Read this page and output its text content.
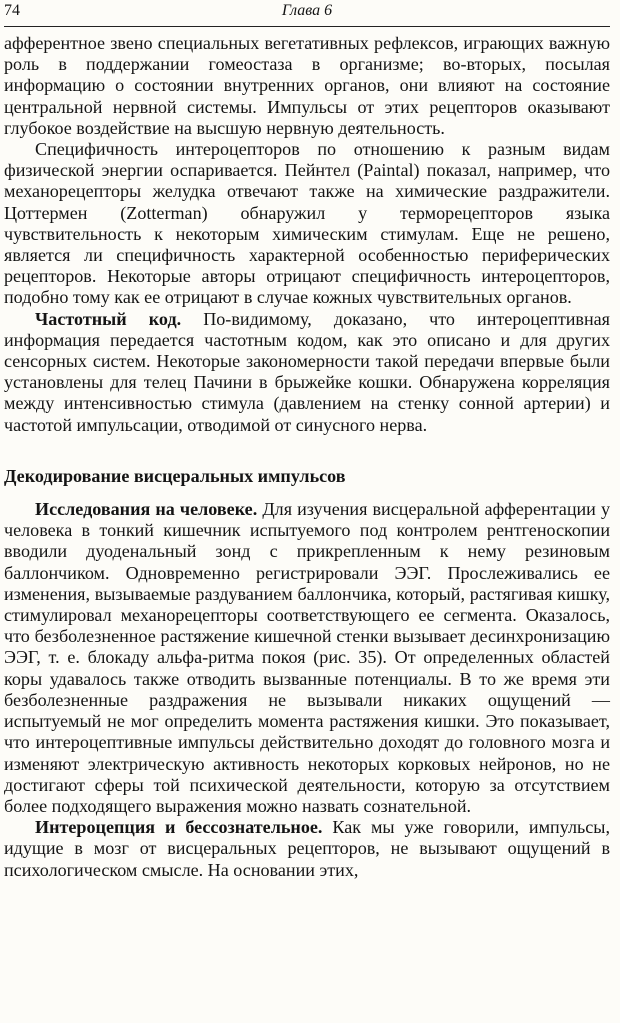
74	Глава 6

афферентное звено специальных вегетативных рефлексов, играющих важную роль в поддержании гомеостаза в организме; во-вторых, посылая информацию о состоянии внутренних органов, они влияют на состояние центральной нервной системы. Импульсы от этих рецепторов оказывают глубокое воздействие на высшую нервную деятельность.

Специфичность интероцепторов по отношению к разным видам физической энергии оспаривается. Пейнтел (Paintal) показал, например, что механорецепторы желудка отвечают также на химические раздражители. Цоттермен (Zotterman) обнаружил у терморецепторов языка чувствительность к некоторым химическим стимулам. Еще не решено, является ли специфичность характерной особенностью периферических рецепторов. Некоторые авторы отрицают специфичность интероцепторов, подобно тому как ее отрицают в случае кожных чувствительных органов.

Частотный код. По-видимому, доказано, что интероцептивная информация передается частотным кодом, как это описано и для других сенсорных систем. Некоторые закономерности такой передачи впервые были установлены для телец Пачини в брыжейке кошки. Обнаружена корреляция между интенсивностью стимула (давлением на стенку сонной артерии) и частотой импульсации, отводимой от синусного нерва.

Декодирование висцеральных импульсов

Исследования на человеке. Для изучения висцеральной афферентации у человека в тонкий кишечник испытуемого под контролем рентгеноскопии вводили дуоденальный зонд с прикрепленным к нему резиновым баллончиком. Одновременно регистрировали ЭЭГ. Прослеживались ее изменения, вызываемые раздуванием баллончика, который, растягивая кишку, стимулировал механорецепторы соответствующего ее сегмента. Оказалось, что безболезненное растяжение кишечной стенки вызывает десинхронизацию ЭЭГ, т. е. блокаду альфа-ритма покоя (рис. 35). От определенных областей коры удавалось также отводить вызванные потенциалы. В то же время эти безболезненные раздражения не вызывали никаких ощущений — испытуемый не мог определить момента растяжения кишки. Это показывает, что интероцептивные импульсы действительно доходят до головного мозга и изменяют электрическую активность некоторых корковых нейронов, но не достигают сферы той психической деятельности, которую за отсутствием более подходящего выражения можно назвать сознательной.

Интероцепция и бессознательное. Как мы уже говорили, импульсы, идущие в мозг от висцеральных рецепторов, не вызывают ощущений в психологическом смысле. На основании этих,
